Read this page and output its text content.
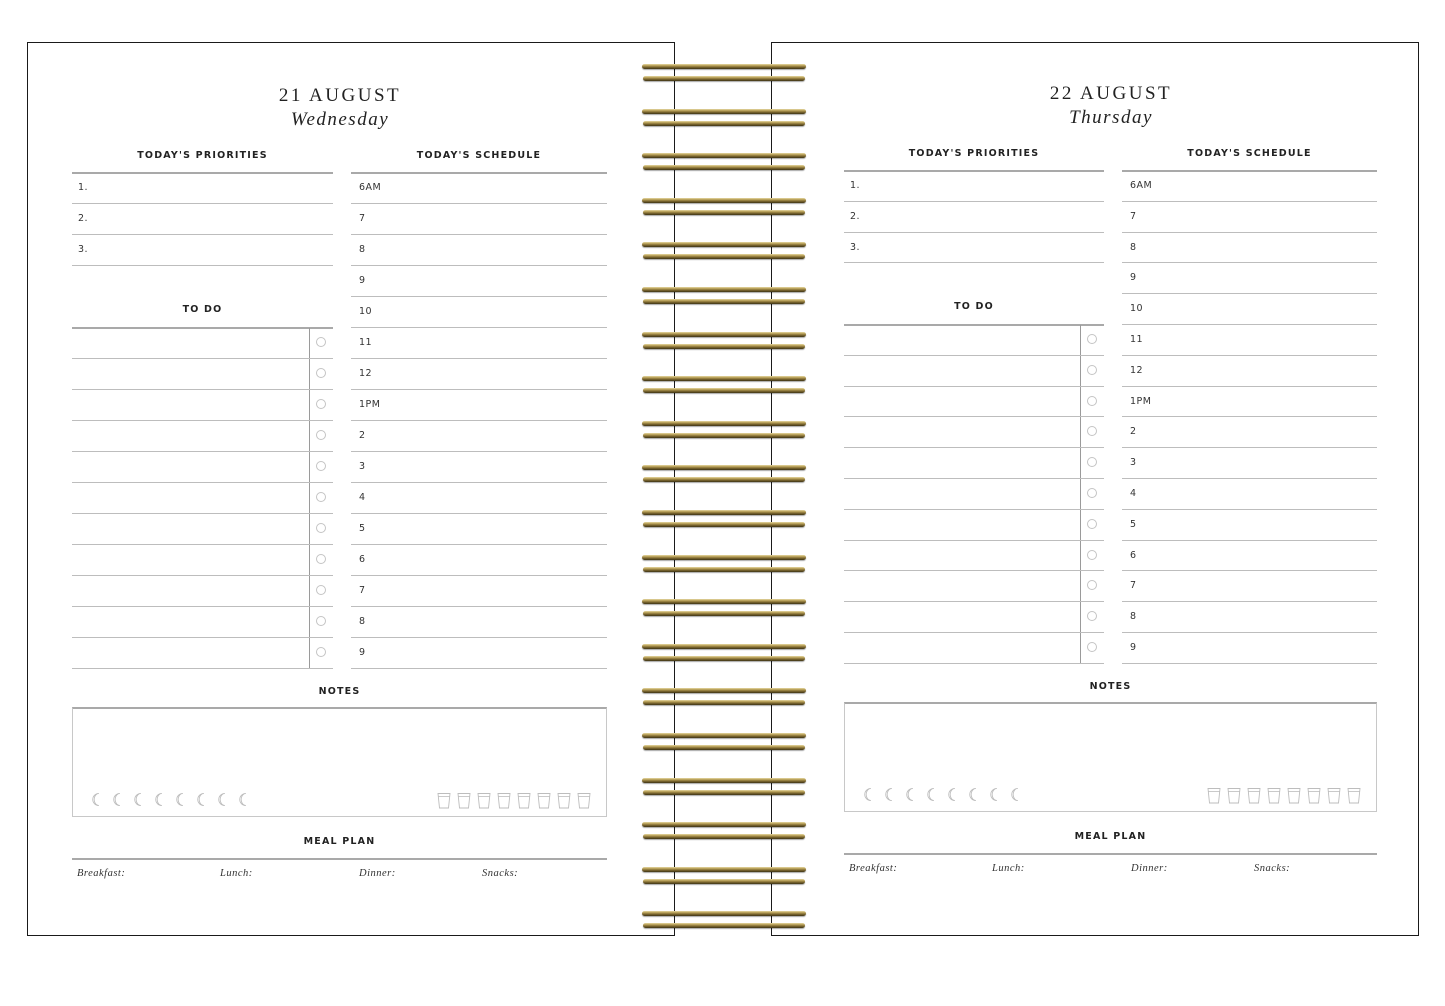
21 AUGUST
Wednesday
TODAY'S PRIORITIES	TODAY'S SCHEDULE
1.
2.
3.
6AM
7
8
9
10
11
12
1PM
2
3
4
5
6
7
8
9
TO DO
NOTES
MEAL PLAN
Breakfast:	Lunch:	Dinner:	Snacks:
22 AUGUST
Thursday
TODAY'S PRIORITIES	TODAY'S SCHEDULE
1.
2.
3.
6AM
7
8
9
10
11
12
1PM
2
3
4
5
6
7
8
9
TO DO
NOTES
MEAL PLAN
Breakfast:	Lunch:	Dinner:	Snacks:
